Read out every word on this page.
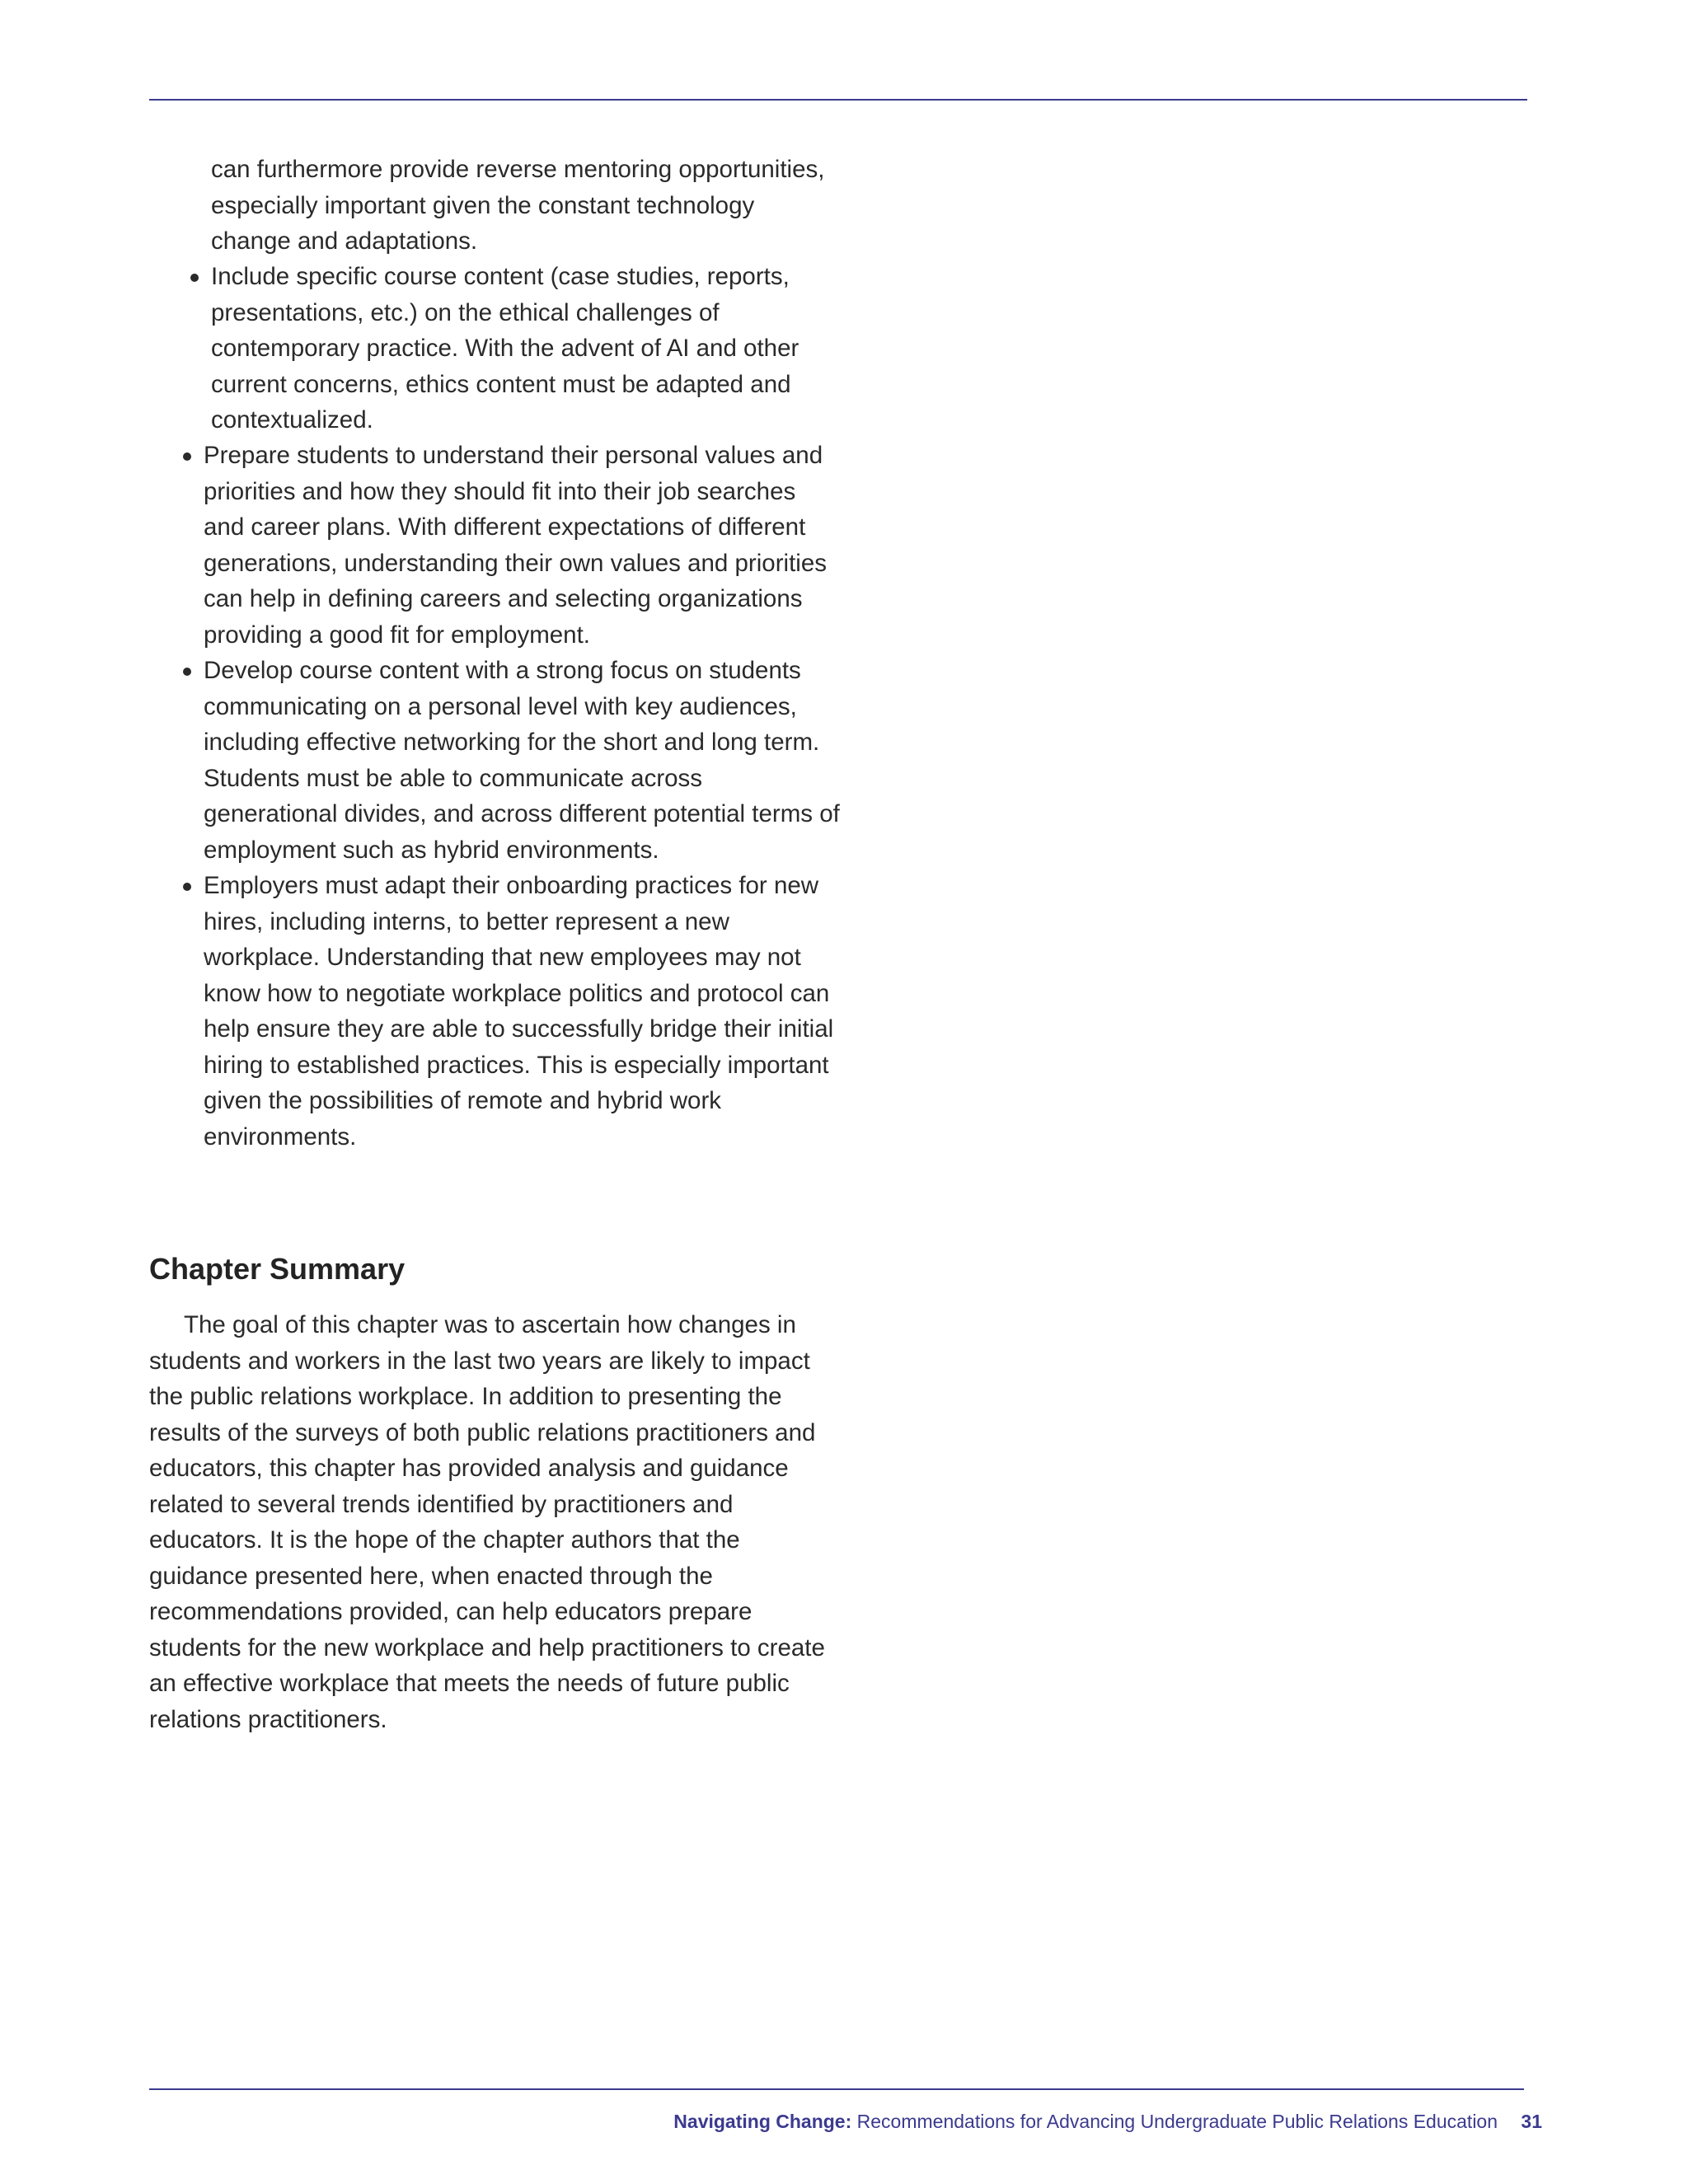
can furthermore provide reverse mentoring opportunities, especially important given the constant technology change and adaptations.

Include specific course content (case studies, reports, presentations, etc.) on the ethical challenges of contemporary practice. With the advent of AI and other current concerns, ethics content must be adapted and contextualized.
Prepare students to understand their personal values and priorities and how they should fit into their job searches and career plans. With different expectations of different generations, understanding their own values and priorities can help in defining careers and selecting organizations providing a good fit for employment.
Develop course content with a strong focus on students communicating on a personal level with key audiences, including effective networking for the short and long term. Students must be able to communicate across generational divides, and across different potential terms of employment such as hybrid environments.
Employers must adapt their onboarding practices for new hires, including interns, to better represent a new workplace. Understanding that new employees may not know how to negotiate workplace politics and protocol can help ensure they are able to successfully bridge their initial hiring to established practices. This is especially important given the possibilities of remote and hybrid work environments.
Chapter Summary

The goal of this chapter was to ascertain how changes in students and workers in the last two years are likely to impact the public relations workplace. In addition to presenting the results of the surveys of both public relations practitioners and educators, this chapter has provided analysis and guidance related to several trends identified by practitioners and educators. It is the hope of the chapter authors that the guidance presented here, when enacted through the recommendations provided, can help educators prepare students for the new workplace and help practitioners to create an effective workplace that meets the needs of future public relations practitioners.

Navigating Change: Recommendations for Advancing Undergraduate Public Relations Education 31
